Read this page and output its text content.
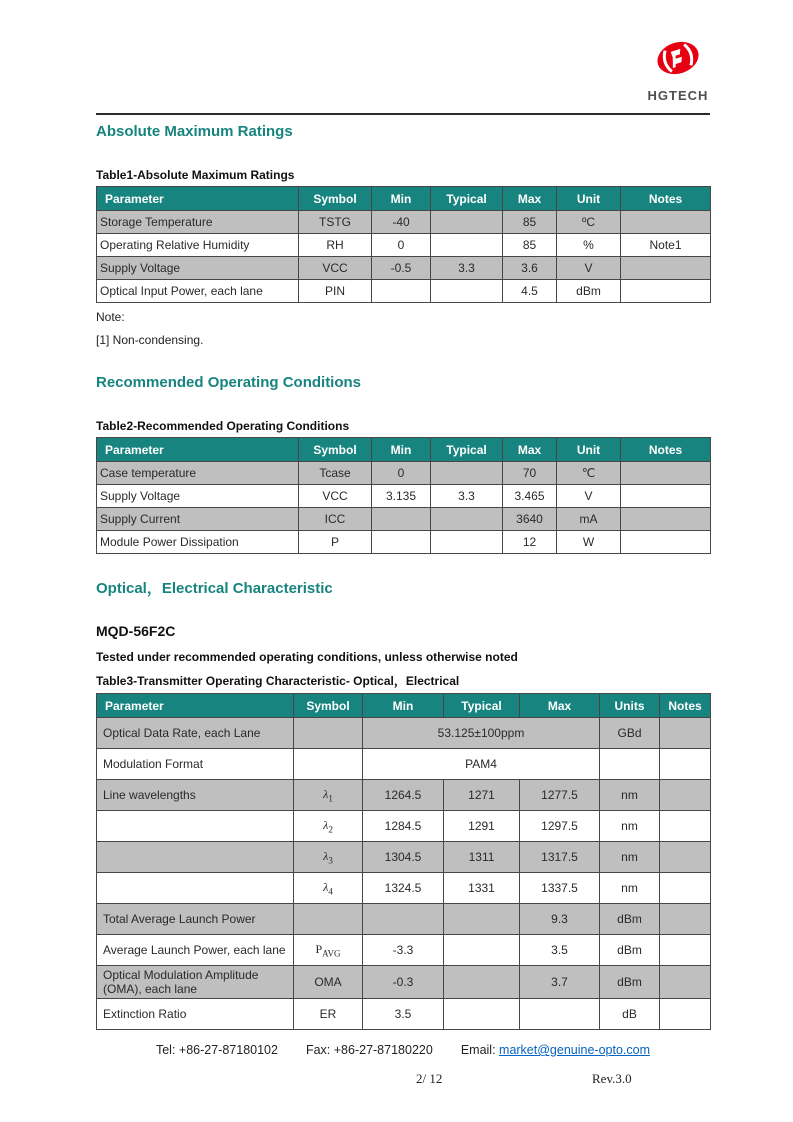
HGTECH
Absolute Maximum Ratings
Table1-Absolute Maximum Ratings
Parameter	Symbol	Min	Typical	Max	Unit	Notes
Storage Temperature	TSTG	-40		85	ºC	
Operating Relative Humidity	RH	0		85	%	Note1
Supply Voltage	VCC	-0.5	3.3	3.6	V	
Optical Input Power, each lane	PIN			4.5	dBm	
Note:
[1] Non-condensing.
Recommended Operating Conditions
Table2-Recommended Operating Conditions
Parameter	Symbol	Min	Typical	Max	Unit	Notes
Case temperature	Tcase	0		70	℃	
Supply Voltage	VCC	3.135	3.3	3.465	V	
Supply Current	ICC			3640	mA	
Module Power Dissipation	P			12	W	
Optical，Electrical Characteristic
MQD-56F2C
Tested under recommended operating conditions, unless otherwise noted
Table3-Transmitter Operating Characteristic- Optical，Electrical
Parameter	Symbol	Min	Typical	Max	Units	Notes
Optical Data Rate, each Lane		53.125±100ppm			GBd	
Modulation Format		PAM4				
Line wavelengths	$\lambda_1$	1264.5	1271	1277.5	nm	
	$\lambda_2$	1284.5	1291	1297.5	nm	
	$\lambda_3$	1304.5	1311	1317.5	nm	
	$\lambda_4$	1324.5	1331	1337.5	nm	
Total Average Launch Power				9.3	dBm	
Average Launch Power, each lane	$P_{AVG}$	-3.3		3.5	dBm	
Optical Modulation Amplitude (OMA), each lane	OMA	-0.3		3.7	dBm	
Extinction Ratio	ER	3.5			dB	
Tel: +86-27-87180102 Fax: +86-27-87180220 Email: market@genuine-opto.com
2/ 12	Rev.3.0
